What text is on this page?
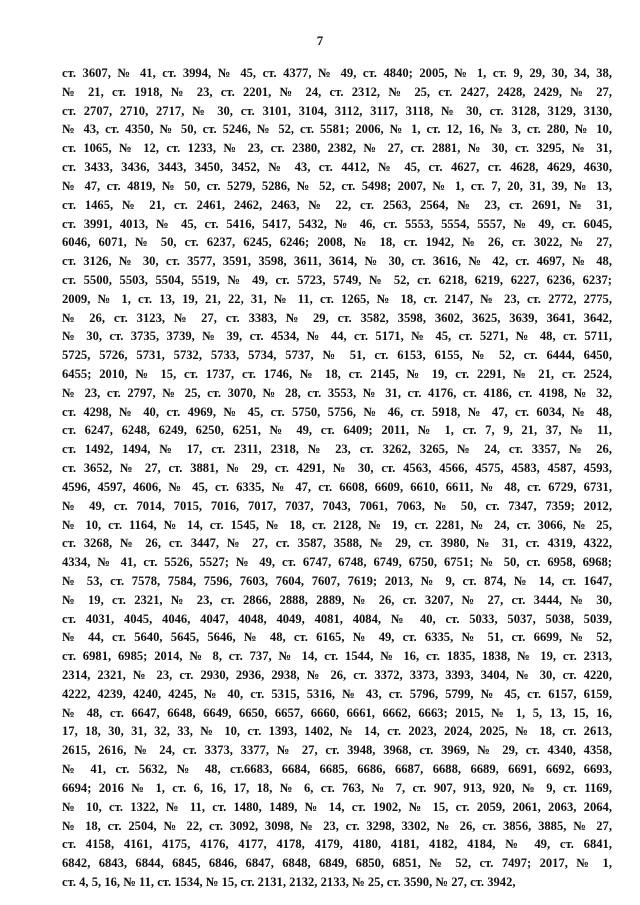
7
ст. 3607, № 41, ст. 3994, № 45, ст. 4377, № 49, ст. 4840; 2005, № 1, ст. 9, 29, 30, 34, 38,
№ 21, ст. 1918, № 23, ст. 2201, № 24, ст. 2312, № 25, ст. 2427, 2428, 2429, № 27,
ст. 2707, 2710, 2717, № 30, ст. 3101, 3104, 3112, 3117, 3118, № 30, ст. 3128, 3129, 3130,
№ 43, ст. 4350, № 50, ст. 5246, № 52, ст. 5581; 2006, № 1, ст. 12, 16, № 3, ст. 280, № 10,
ст. 1065, № 12, ст. 1233, № 23, ст. 2380, 2382, № 27, ст. 2881, № 30, ст. 3295, № 31,
ст. 3433, 3436, 3443, 3450, 3452, № 43, ст. 4412, № 45, ст. 4627, ст. 4628, 4629, 4630,
№ 47, ст. 4819, № 50, ст. 5279, 5286, № 52, ст. 5498; 2007, № 1, ст. 7, 20, 31, 39, № 13,
ст. 1465, № 21, ст. 2461, 2462, 2463, № 22, ст. 2563, 2564, № 23, ст. 2691, № 31,
ст. 3991, 4013, № 45, ст. 5416, 5417, 5432, № 46, ст. 5553, 5554, 5557, № 49, ст. 6045,
6046, 6071, № 50, ст. 6237, 6245, 6246; 2008, № 18, ст. 1942, № 26, ст. 3022, № 27,
ст. 3126, № 30, ст. 3577, 3591, 3598, 3611, 3614, № 30, ст. 3616, № 42, ст. 4697, № 48,
ст. 5500, 5503, 5504, 5519, № 49, ст. 5723, 5749, № 52, ст. 6218, 6219, 6227, 6236, 6237;
2009, № 1, ст. 13, 19, 21, 22, 31, № 11, ст. 1265, № 18, ст. 2147, № 23, ст. 2772, 2775,
№ 26, ст. 3123, № 27, ст. 3383, № 29, ст. 3582, 3598, 3602, 3625, 3639, 3641, 3642,
№ 30, ст. 3735, 3739, № 39, ст. 4534, № 44, ст. 5171, № 45, ст. 5271, № 48, ст. 5711,
5725, 5726, 5731, 5732, 5733, 5734, 5737, № 51, ст. 6153, 6155, № 52, ст. 6444, 6450,
6455; 2010, № 15, ст. 1737, ст. 1746, № 18, ст. 2145, № 19, ст. 2291, № 21, ст. 2524,
№ 23, ст. 2797, № 25, ст. 3070, № 28, ст. 3553, № 31, ст. 4176, ст. 4186, ст. 4198, № 32,
ст. 4298, № 40, ст. 4969, № 45, ст. 5750, 5756, № 46, ст. 5918, № 47, ст. 6034, № 48,
ст. 6247, 6248, 6249, 6250, 6251, № 49, ст. 6409; 2011, № 1, ст. 7, 9, 21, 37, № 11,
ст. 1492, 1494, № 17, ст. 2311, 2318, № 23, ст. 3262, 3265, № 24, ст. 3357, № 26,
ст. 3652, № 27, ст. 3881, № 29, ст. 4291, № 30, ст. 4563, 4566, 4575, 4583, 4587, 4593,
4596, 4597, 4606, № 45, ст. 6335, № 47, ст. 6608, 6609, 6610, 6611, № 48, ст. 6729, 6731,
№ 49, ст. 7014, 7015, 7016, 7017, 7037, 7043, 7061, 7063, № 50, ст. 7347, 7359; 2012,
№ 10, ст. 1164, № 14, ст. 1545, № 18, ст. 2128, № 19, ст. 2281, № 24, ст. 3066, № 25,
ст. 3268, № 26, ст. 3447, № 27, ст. 3587, 3588, № 29, ст. 3980, № 31, ст. 4319, 4322,
4334, № 41, ст. 5526, 5527; № 49, ст. 6747, 6748, 6749, 6750, 6751; № 50, ст. 6958, 6968;
№ 53, ст. 7578, 7584, 7596, 7603, 7604, 7607, 7619; 2013, № 9, ст. 874, № 14, ст. 1647,
№ 19, ст. 2321, № 23, ст. 2866, 2888, 2889, № 26, ст. 3207, № 27, ст. 3444, № 30,
ст. 4031, 4045, 4046, 4047, 4048, 4049, 4081, 4084, № 40, ст. 5033, 5037, 5038, 5039,
№ 44, ст. 5640, 5645, 5646, № 48, ст. 6165, № 49, ст. 6335, № 51, ст. 6699, № 52,
ст. 6981, 6985; 2014, № 8, ст. 737, № 14, ст. 1544, № 16, ст. 1835, 1838, № 19, ст. 2313,
2314, 2321, № 23, ст. 2930, 2936, 2938, № 26, ст. 3372, 3373, 3393, 3404, № 30, ст. 4220,
4222, 4239, 4240, 4245, № 40, ст. 5315, 5316, № 43, ст. 5796, 5799, № 45, ст. 6157, 6159,
№ 48, ст. 6647, 6648, 6649, 6650, 6657, 6660, 6661, 6662, 6663; 2015, № 1, 5, 13, 15, 16,
17, 18, 30, 31, 32, 33, № 10, ст. 1393, 1402, № 14, ст. 2023, 2024, 2025, № 18, ст. 2613,
2615, 2616, № 24, ст. 3373, 3377, № 27, ст. 3948, 3968, ст. 3969, № 29, ст. 4340, 4358,
№ 41, ст. 5632, № 48, ст.6683, 6684, 6685, 6686, 6687, 6688, 6689, 6691, 6692, 6693,
6694; 2016 № 1, ст. 6, 16, 17, 18, № 6, ст. 763, № 7, ст. 907, 913, 920, № 9, ст. 1169,
№ 10, ст. 1322, № 11, ст. 1480, 1489, № 14, ст. 1902, № 15, ст. 2059, 2061, 2063, 2064,
№ 18, ст. 2504, № 22, ст. 3092, 3098, № 23, ст. 3298, 3302, № 26, ст. 3856, 3885, № 27,
ст. 4158, 4161, 4175, 4176, 4177, 4178, 4179, 4180, 4181, 4182, 4184, № 49, ст. 6841,
6842, 6843, 6844, 6845, 6846, 6847, 6848, 6849, 6850, 6851, № 52, ст. 7497; 2017, № 1,
ст. 4, 5, 16, № 11, ст. 1534, № 15, ст. 2131, 2132, 2133, № 25, ст. 3590, № 27, ст. 3942,
